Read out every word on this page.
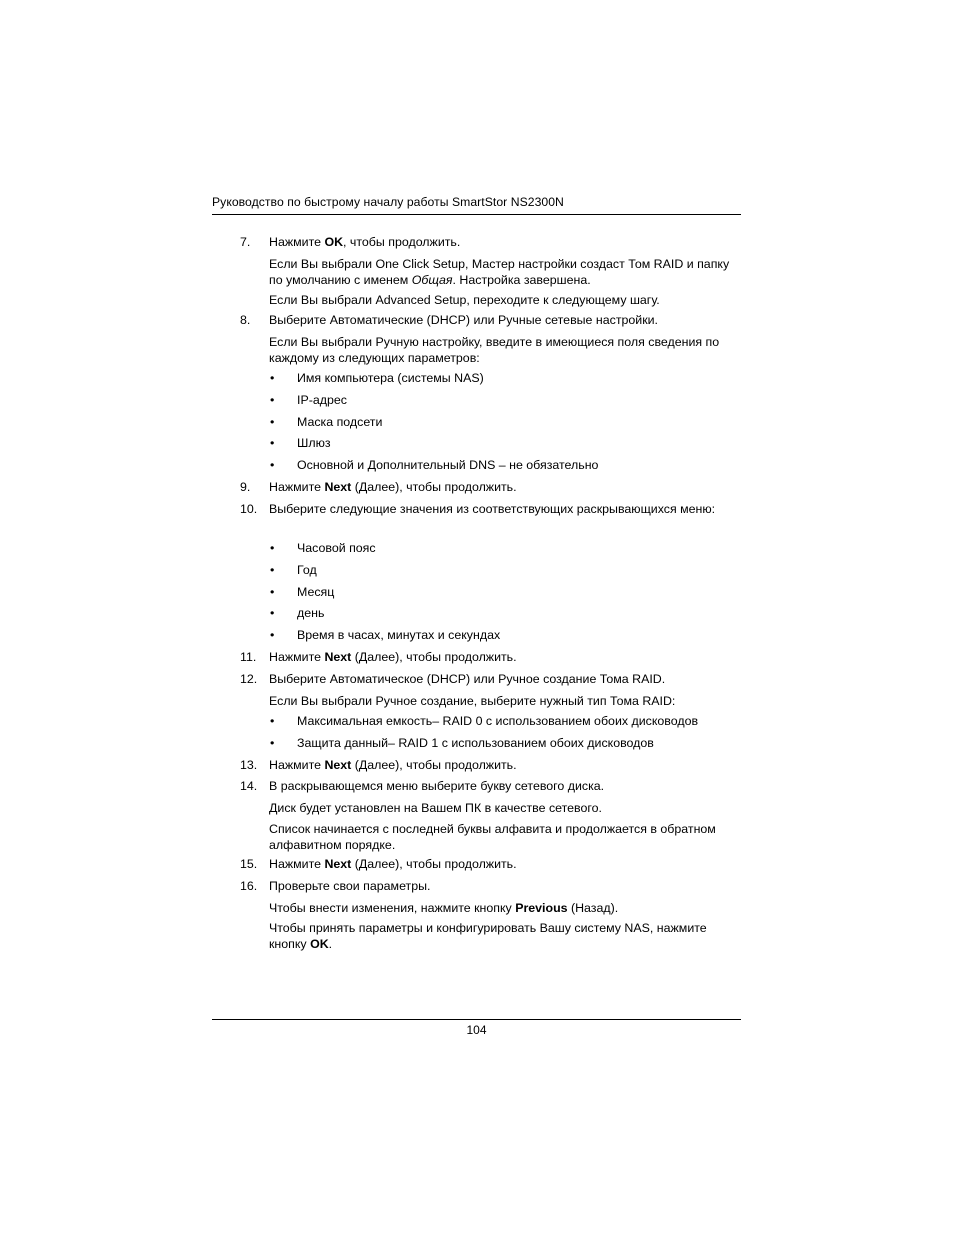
Руководство по быстрому началу работы SmartStor NS2300N
7. Нажмите OK, чтобы продолжить.
Если Вы выбрали One Click Setup, Мастер настройки создаст Том RAID и папку по умолчанию с именем Общая. Настройка завершена.
Если Вы выбрали Advanced Setup, переходите к следующему шагу.
8. Выберите Автоматические (DHCP) или Ручные сетевые настройки.
Если Вы выбрали Ручную настройку, введите в имеющиеся поля сведения по каждому из следующих параметров:
• Имя компьютера (системы NAS)
• IP-адрес
• Маска подсети
• Шлюз
• Основной и Дополнительный DNS – не обязательно
9. Нажмите Next (Далее), чтобы продолжить.
10. Выберите следующие значения из соответствующих раскрывающихся меню:
• Часовой пояс
• Год
• Месяц
• день
• Время в часах, минутах и секундах
11. Нажмите Next (Далее), чтобы продолжить.
12. Выберите Автоматическое (DHCP) или Ручное создание Тома RAID.
Если Вы выбрали Ручное создание, выберите нужный тип Тома RAID:
• Максимальная емкость– RAID 0 с использованием обоих дисководов
• Защита данный– RAID 1 с использованием обоих дисководов
13. Нажмите Next (Далее), чтобы продолжить.
14. В раскрывающемся меню выберите букву сетевого диска.
Диск будет установлен на Вашем ПК в качестве сетевого.
Список начинается с последней буквы алфавита и продолжается в обратном алфавитном порядке.
15. Нажмите Next (Далее), чтобы продолжить.
16. Проверьте свои параметры.
Чтобы внести изменения, нажмите кнопку Previous (Назад).
Чтобы принять параметры и конфигурировать Вашу систему NAS, нажмите кнопку OK.
104
